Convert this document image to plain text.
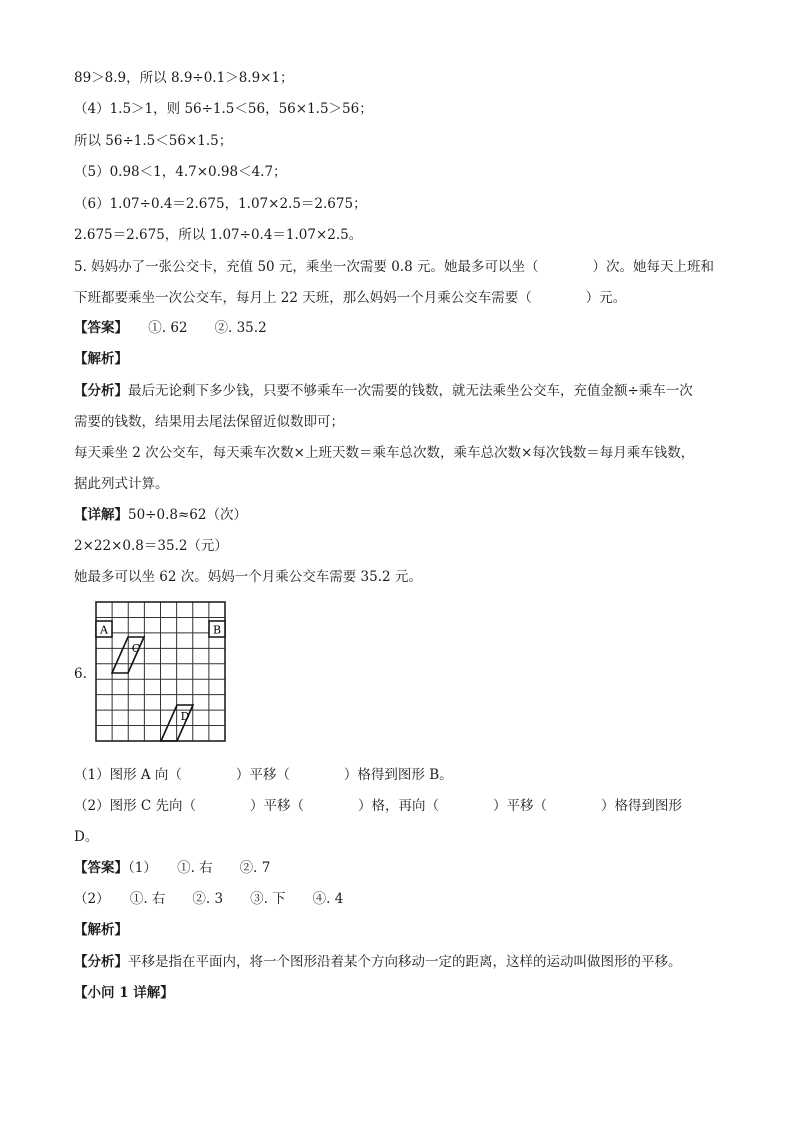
89＞8.9，所以 8.9÷0.1＞8.9×1；
（4）1.5＞1，则 56÷1.5＜56，56×1.5＞56；
所以 56÷1.5＜56×1.5；
（5）0.98＜1，4.7×0.98＜4.7；
（6）1.07÷0.4＝2.675，1.07×2.5＝2.675；
2.675＝2.675，所以 1.07÷0.4＝1.07×2.5。
5. 妈妈办了一张公交卡，充值 50 元，乘坐一次需要 0.8 元。她最多可以坐（　　　　）次。她每天上班和
下班都要乘坐一次公交车，每月上 22 天班，那么妈妈一个月乘公交车需要（　　　　）元。
【答案】　　①. 62　　②. 35.2
【解析】
【分析】最后无论剩下多少钱，只要不够乘车一次需要的钱数，就无法乘坐公交车，充值金额÷乘车一次
需要的钱数，结果用去尾法保留近似数即可；
每天乘坐 2 次公交车，每天乘车次数×上班天数＝乘车总次数，乘车总次数×每次钱数＝每月乘车钱数，
据此列式计算。
【详解】50÷0.8≈62（次）
2×22×0.8＝35.2（元）
她最多可以坐 62 次。妈妈一个月乘公交车需要 35.2 元。
（1）图形 A 向（　　　　）平移（　　　　）格得到图形 B。
（2）图形 C 先向（　　　　）平移（　　　　）格，再向（　　　　）平移（　　　　）格得到图形
D。
【答案】（1）　　①. 右　　②. 7
（2）　　①. 右　　②. 3　　③. 下　　④. 4
【解析】
【分析】平移是指在平面内，将一个图形沿着某个方向移动一定的距离，这样的运动叫做图形的平移。
【小问 1 详解】
6.
A	B
C
D
